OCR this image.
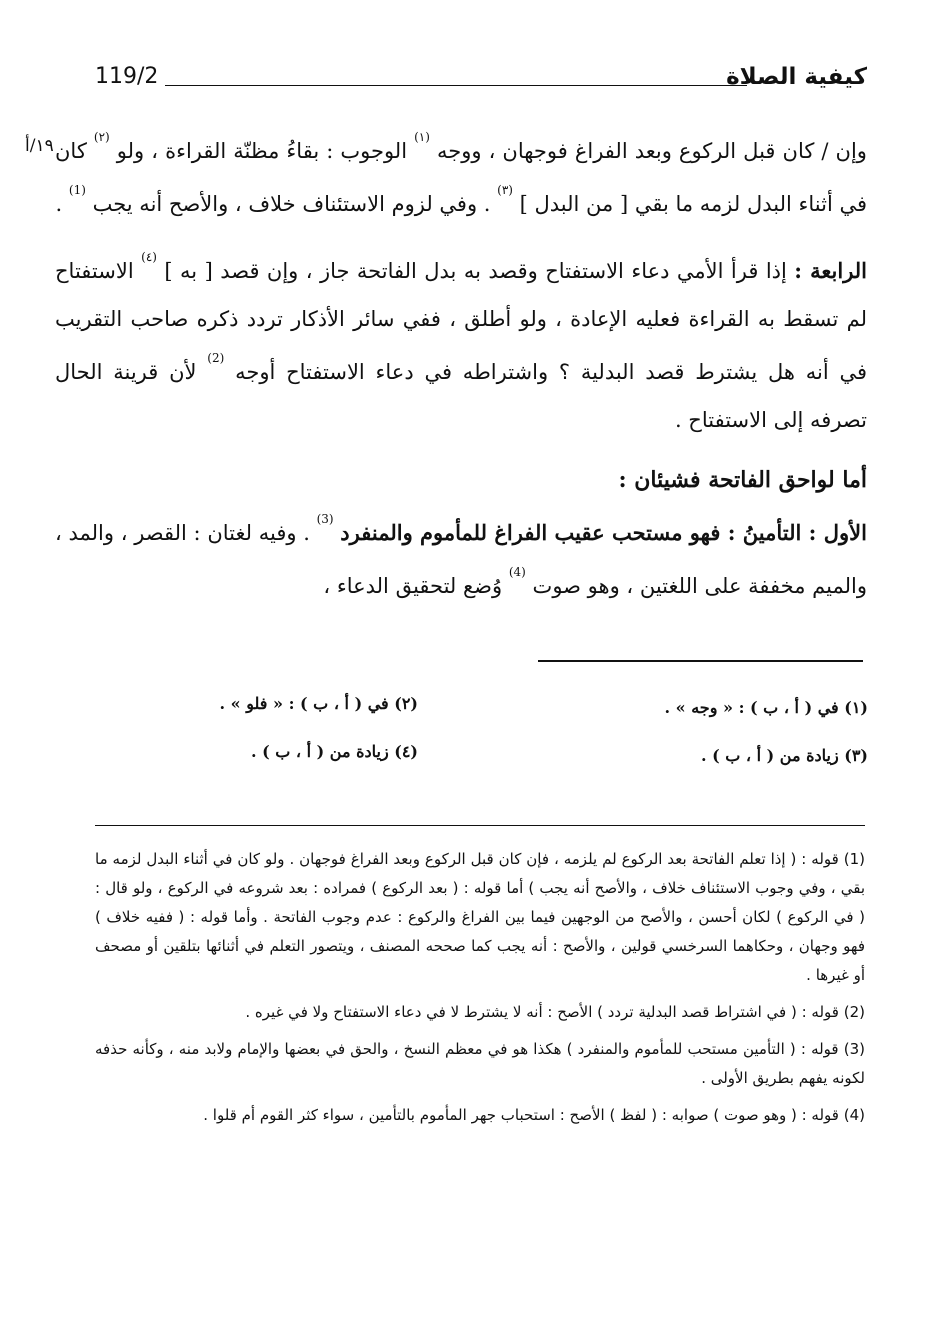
كيفية الصلاة
119/2
١٩/أ	وإن / كان قبل الركوع وبعد الفراغ فوجهان ، ووجه $^{(١)}$ الوجوب : بقاءُ مظنّة القراءة ، ولو $^{(٢)}$ كان في أثناء البدل لزمه ما بقي [ من البدل ] $^{(٣)}$ . وفي لزوم الاستئناف خلاف ، والأصح أنه يجب $^{(1)}$ .

الرابعة : إذا قرأ الأمي دعاء الاستفتاح وقصد به بدل الفاتحة جاز ، وإن قصد [ به ] $^{(٤)}$ الاستفتاح لم تسقط به القراءة فعليه الإعادة ، ولو أطلق ، ففي سائر الأذكار تردد ذكره صاحب التقريب في أنه هل يشترط قصد البدلية ؟ واشتراطه في دعاء الاستفتاح أوجه $^{(2)}$ لأن قرينة الحال تصرفه إلى الاستفتاح .

أما لواحق الفاتحة فشيئان :

الأول : التأمينُ : فهو مستحب عقيب الفراغ للمأموم والمنفرد $^{(3)}$ . وفيه لغتان : القصر ، والمد ، والميم مخففة على اللغتين ، وهو صوت $^{(4)}$ وُضع لتحقيق الدعاء ،

(١) في ( أ ، ب ) : « وجه » .
(٢) في ( أ ، ب ) : « فلو » .
(٣) زيادة من ( أ ، ب ) .
(٤) زيادة من ( أ ، ب ) .

(1) قوله : ( إذا تعلم الفاتحة بعد الركوع لم يلزمه ، فإن كان قبل الركوع وبعد الفراغ فوجهان . ولو كان في أثناء البدل لزمه ما بقي ، وفي وجوب الاستئناف خلاف ، والأصح أنه يجب ) أما قوله : ( بعد الركوع ) فمراده : بعد شروعه في الركوع ، ولو قال : ( في الركوع ) لكان أحسن ، والأصح من الوجهين فيما بين الفراغ والركوع : عدم وجوب الفاتحة . وأما قوله : ( ففيه خلاف ) فهو وجهان ، وحكاهما السرخسي قولين ، والأصح : أنه يجب كما صححه المصنف ، ويتصور التعلم في أثنائها بتلقين أو مصحف أو غيرها .

(2) قوله : ( في اشتراط قصد البدلية تردد ) الأصح : أنه لا يشترط لا في دعاء الاستفتاح ولا في غيره .

(3) قوله : ( التأمين مستحب للمأموم والمنفرد ) هكذا هو في معظم النسخ ، والحق في بعضها والإمام ولابد منه ، وكأنه حذفه لكونه يفهم بطريق الأولى .

(4) قوله : ( وهو صوت ) صوابه : ( لفظ ) الأصح : استحباب جهر المأموم بالتأمين ، سواء كثر القوم أم قلوا .
